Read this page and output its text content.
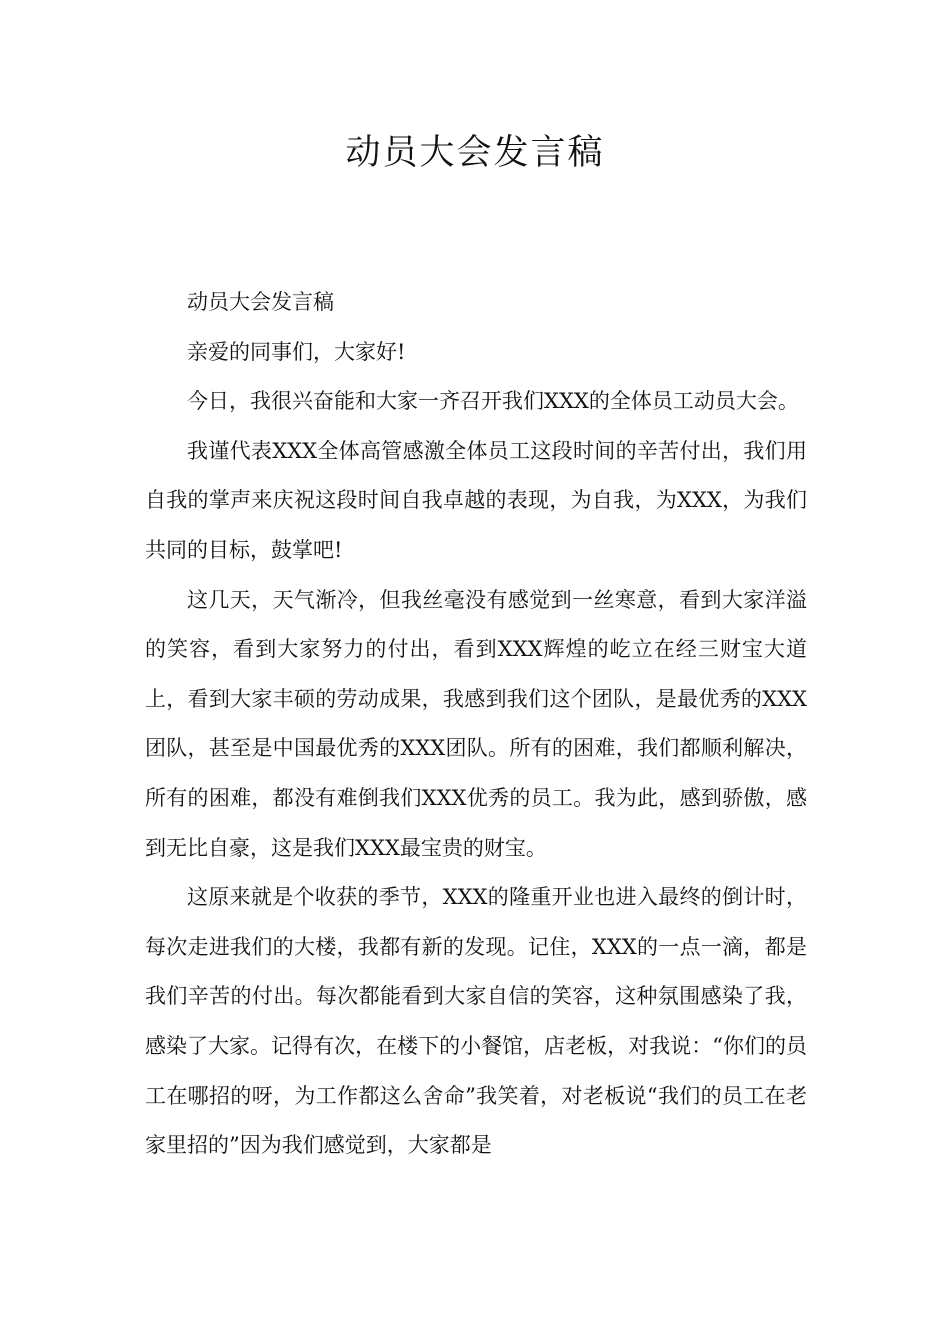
动员大会发言稿

动员大会发言稿

亲爱的同事们，大家好!

今日，我很兴奋能和大家一齐召开我们XXX的全体员工动员大会。

我谨代表XXX全体高管感激全体员工这段时间的辛苦付出，我们用自我的掌声来庆祝这段时间自我卓越的表现，为自我，为XXX，为我们共同的目标，鼓掌吧!

这几天，天气渐冷，但我丝毫没有感觉到一丝寒意，看到大家洋溢的笑容，看到大家努力的付出，看到XXX辉煌的屹立在经三财宝大道上，看到大家丰硕的劳动成果，我感到我们这个团队，是最优秀的XXX团队，甚至是中国最优秀的XXX团队。所有的困难，我们都顺利解决，所有的困难，都没有难倒我们XXX优秀的员工。我为此，感到骄傲，感到无比自豪，这是我们XXX最宝贵的财宝。

这原来就是个收获的季节，XXX的隆重开业也进入最终的倒计时，每次走进我们的大楼，我都有新的发现。记住，XXX的一点一滴，都是我们辛苦的付出。每次都能看到大家自信的笑容，这种氛围感染了我，感染了大家。记得有次，在楼下的小餐馆，店老板，对我说：“你们的员工在哪招的呀，为工作都这么舍命”我笑着，对老板说“我们的员工在老家里招的”因为我们感觉到，大家都是
